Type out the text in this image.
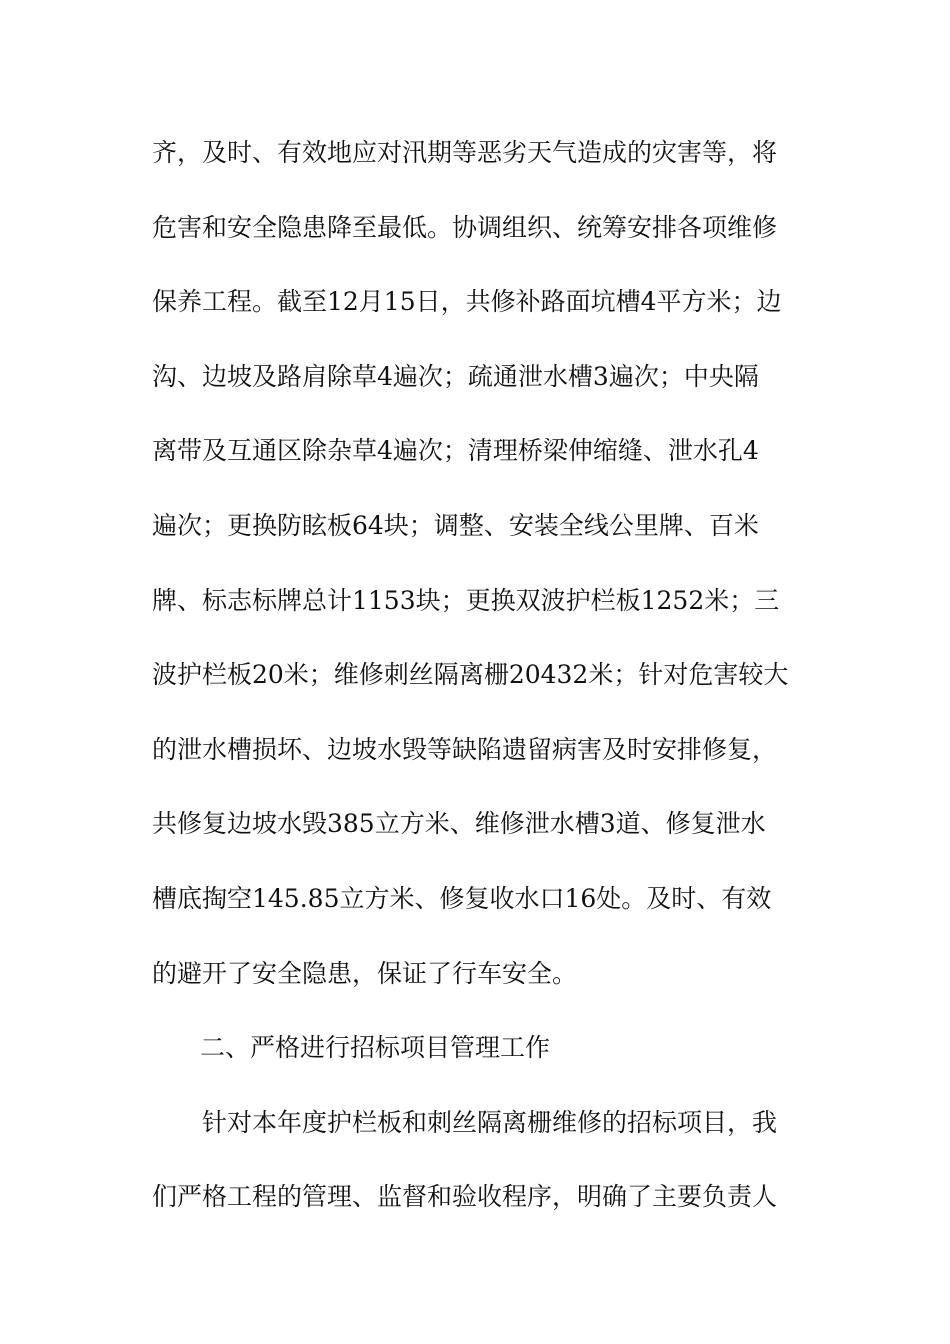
齐，及时、有效地应对汛期等恶劣天气造成的灾害等，将
危害和安全隐患降至最低。协调组织、统筹安排各项维修
保养工程。截至12月15日，共修补路面坑槽4平方米；边
沟、边坡及路肩除草4遍次；疏通泄水槽3遍次；中央隔
离带及互通区除杂草4遍次；清理桥梁伸缩缝、泄水孔4
遍次；更换防眩板64块；调整、安装全线公里牌、百米
牌、标志标牌总计1153块；更换双波护栏板1252米；三
波护栏板20米；维修刺丝隔离栅20432米；针对危害较大
的泄水槽损坏、边坡水毁等缺陷遗留病害及时安排修复，
共修复边坡水毁385立方米、维修泄水槽3道、修复泄水
槽底掏空145.85立方米、修复收水口16处。及时、有效
的避开了安全隐患，保证了行车安全。
二、严格进行招标项目管理工作
针对本年度护栏板和刺丝隔离栅维修的招标项目，我
们严格工程的管理、监督和验收程序，明确了主要负责人
